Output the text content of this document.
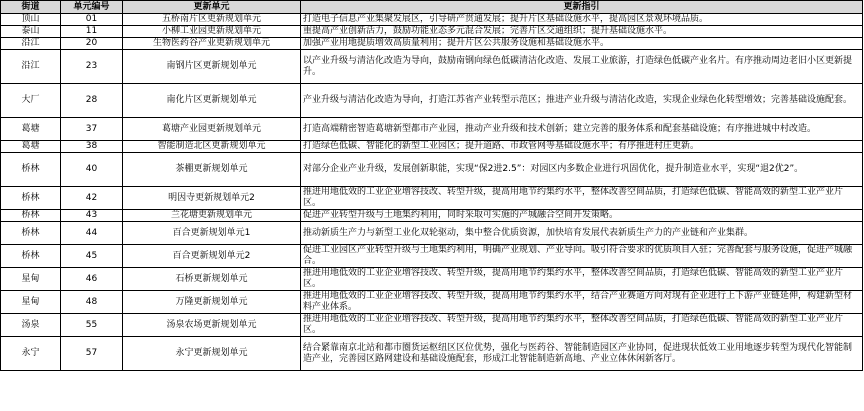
街道	单元编号	更新单元	更新指引
顶山	01	五桥南片区更新规划单元	打造电子信息产业集聚发展区，引导研产贯通发展；提升片区基础设施水平，提高园区景观环境品质。
泰山	11	小柳工业园更新规划单元	重提高产业创新活力，鼓励功能业态多元混合发展；完善片区交通组织；提升基础设施水平。
沿江	20	生物医药谷产业更新规划单元	加强产业用地提质增效高质量利用；提升片区公共服务设施和基础设施水平。
沿江	23	南钢片区更新规划单元	以产业升级与清洁化改造为导向，鼓励南钢向绿色低碳清洁化改造、发展工业旅游，打造绿色低碳产业名片。有序推动周边老旧小区更新提升。
大厂	28	南化片区更新规划单元	产业升级与清洁化改造为导向，打造江苏省产业转型示范区；推进产业升级与清洁化改造，实现企业绿色化转型增效；完善基础设施配套。
葛塘	37	葛塘产业园更新规划单元	打造高端精密智造葛塘新型都市产业园，推动产业升级和技术创新；建立完善的服务体系和配套基础设施；有序推进城中村改造。
葛塘	38	智能制造北区更新规划单元	打造绿色低碳、智能化的新型工业园区；提升道路、市政管网等基础设施水平；有序推进村庄更新。
桥林	40	茶棚更新规划单元	对部分企业产业升级，发展创新职能，实现“保2进2.5”：对园区内多数企业进行巩固优化，提升制造业水平，实现“退2优2”。
桥林	42	明因寺更新规划单元2	推进用地低效的工业企业增容技改、转型升级，提高用地节约集约水平，整体改善空间品质，打造绿色低碳、智能高效的新型工业产业片区。
桥林	43	兰花塘更新规划单元	促进产业转型升级与土地集约利用，同时采取可实施的产城融合空间开发策略。
桥林	44	百合更新规划单元1	推动新质生产力与新型工业化双轮驱动，集中整合优质资源，加快培育发展代表新质生产力的产业链和产业集群。
桥林	45	百合更新规划单元2	促进工业园区产业转型升级与土地集约利用，明确产业规划、产业导向。吸引符合要求的优质项目入驻；完善配套与服务设施，促进产城融合。
星甸	46	石桥更新规划单元	推进用地低效的工业企业增容技改、转型升级，提高用地节约集约水平，整体改善空间品质，打造绿色低碳、智能高效的新型工业产业片区。
星甸	48	万隆更新规划单元	推进用地低效的工业企业增容技改、转型升级，提高用地节约集约水平，结合产业赛道方向对现有企业进行上下游产业链延伸，构建新型材料产业体系。
汤泉	55	汤泉农场更新规划单元	推进用地低效的工业企业增容技改、转型升级，提高用地节约集约水平，整体改善空间品质，打造绿色低碳、智能高效的新型工业产业片区。
永宁	57	永宁更新规划单元	结合紧靠南京北站和都市圈货运枢纽区区位优势，强化与医药谷、智能制造园区产业协同，促进现状低效工业用地逐步转型为现代化智能制造产业，完善园区路网建设和基础设施配套，形成江北智能制造新高地、产业立体休闲新客厅。
